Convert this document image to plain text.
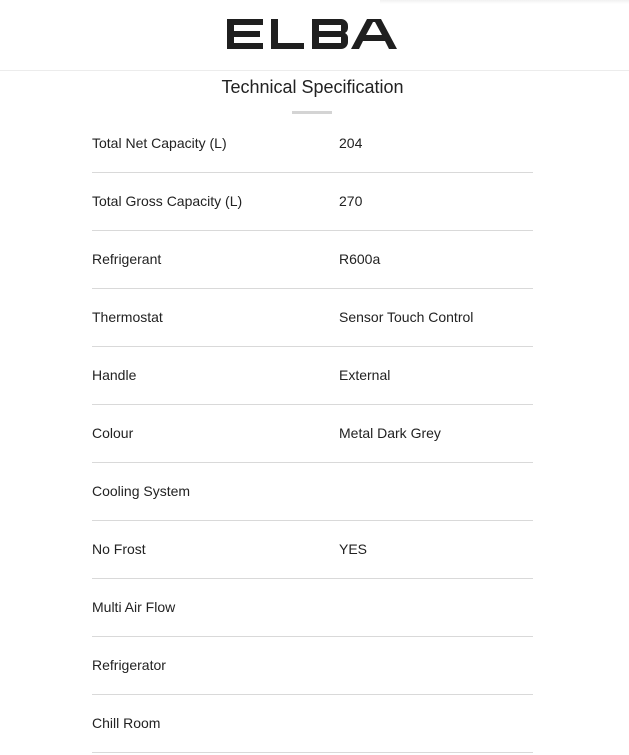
Technical Specification
Total Net Capacity (L)	204
Total Gross Capacity (L)	270
Refrigerant	R600a
Thermostat	Sensor Touch Control
Handle	External
Colour	Metal Dark Grey
Cooling System
No Frost	YES
Multi Air Flow
Refrigerator
Chill Room
